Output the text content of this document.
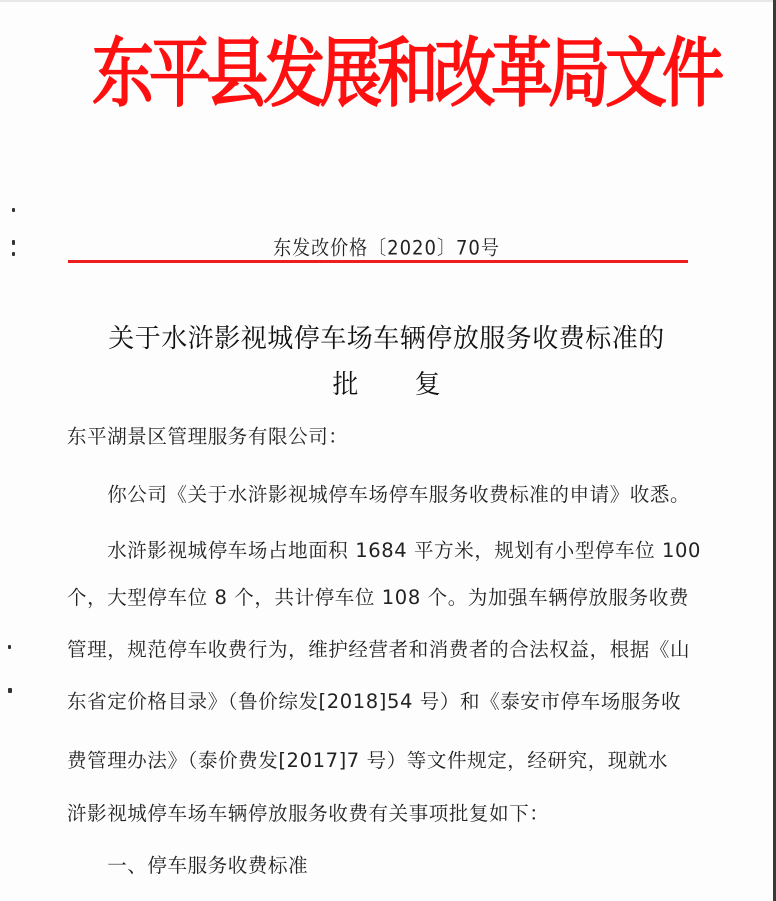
东平县发展和改革局文件
东发改价格〔2020〕70号
关于水浒影视城停车场车辆停放服务收费标准的
批 复
东平湖景区管理服务有限公司：
　　你公司《关于水浒影视城停车场停车服务收费标准的申请》收悉。
　　水浒影视城停车场占地面积 1684 平方米，规划有小型停车位 100
个，大型停车位 8 个，共计停车位 108 个。为加强车辆停放服务收费
管理，规范停车收费行为，维护经营者和消费者的合法权益，根据《山
东省定价格目录》（鲁价综发[2018]54 号）和《泰安市停车场服务收
费管理办法》（泰价费发[2017]7 号）等文件规定，经研究，现就水
浒影视城停车场车辆停放服务收费有关事项批复如下：
　　一、停车服务收费标准
